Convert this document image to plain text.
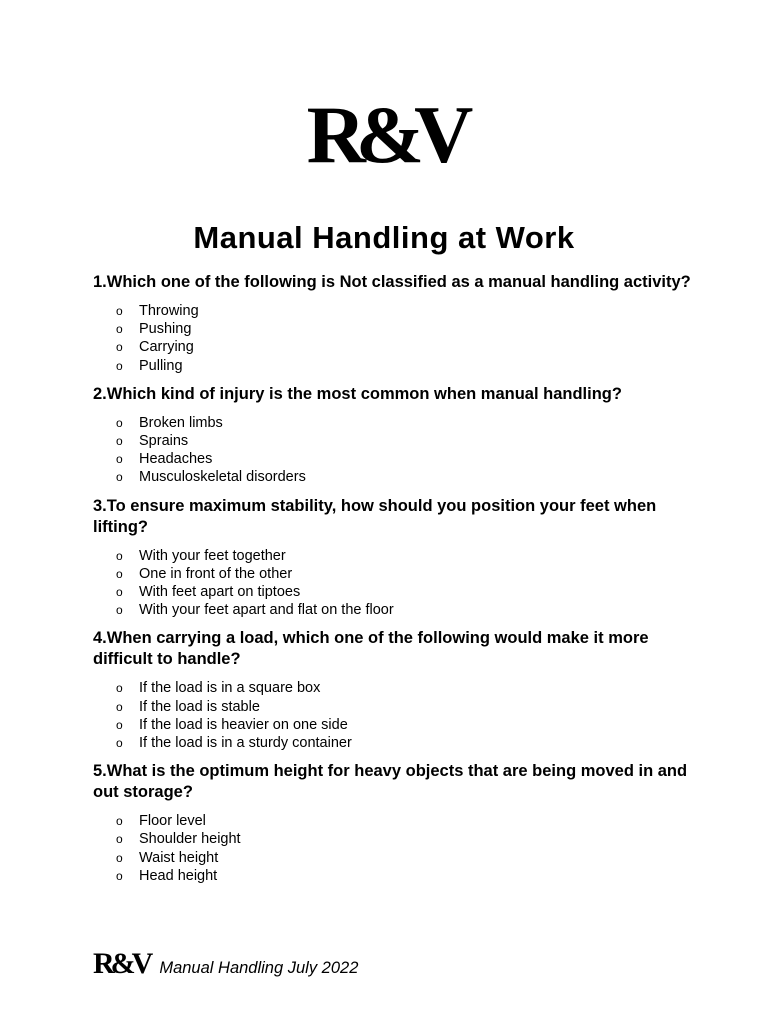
R&V
Manual Handling at Work
1.Which one of the following is Not classified as a manual handling activity?
o Throwing
o Pushing
o Carrying
o Pulling
2.Which kind of injury is the most common when manual handling?
o Broken limbs
o Sprains
o Headaches
o Musculoskeletal disorders
3.To ensure maximum stability, how should you position your feet when lifting?
o With your feet together
o One in front of the other
o With feet apart on tiptoes
o With your feet apart and flat on the floor
4.When carrying a load, which one of the following would make it more difficult to handle?
o If the load is in a square box
o If the load is stable
o If the load is heavier on one side
o If the load is in a sturdy container
5.What is the optimum height for heavy objects that are being moved in and out storage?
o Floor level
o Shoulder height
o Waist height
o Head height
R&V Manual Handling July 2022
